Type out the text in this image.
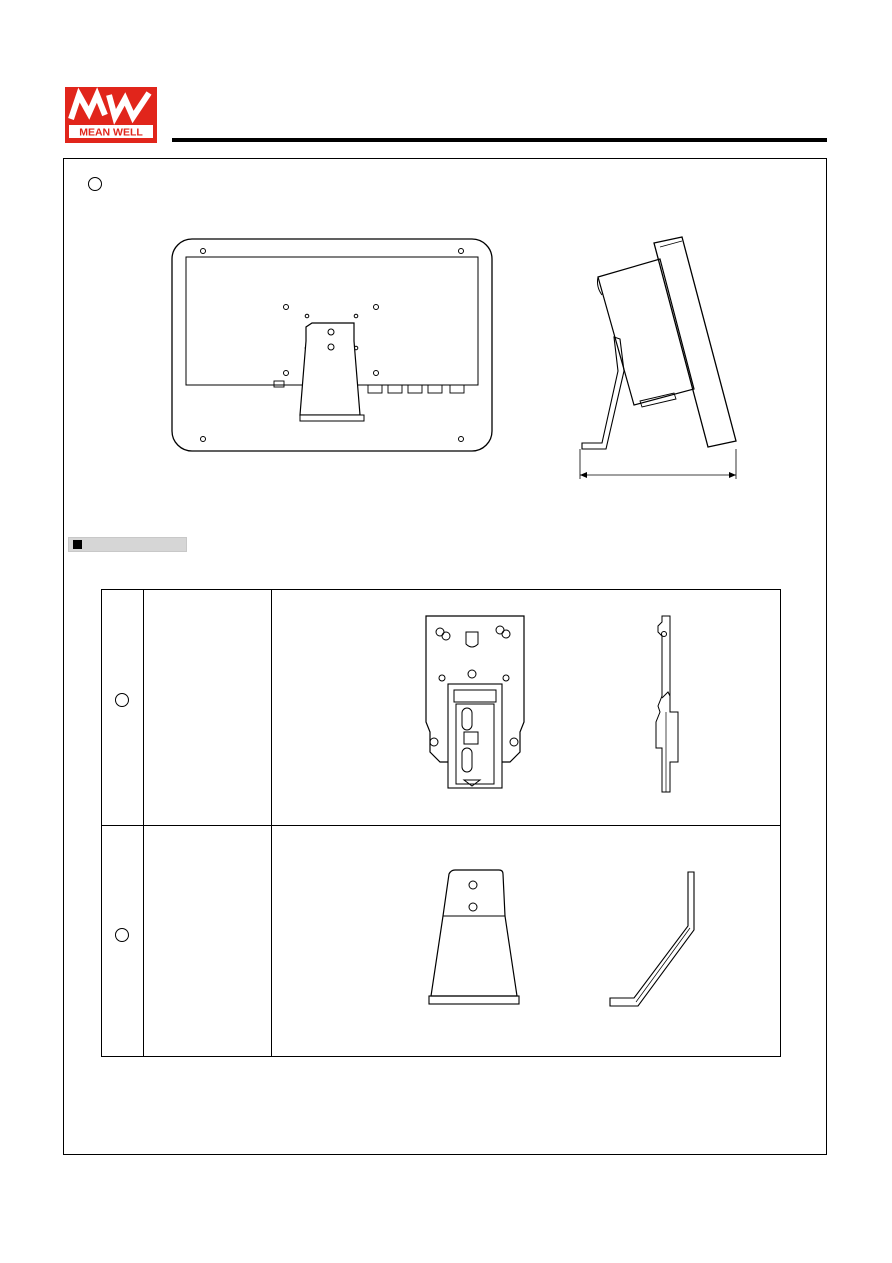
MEAN WELL
